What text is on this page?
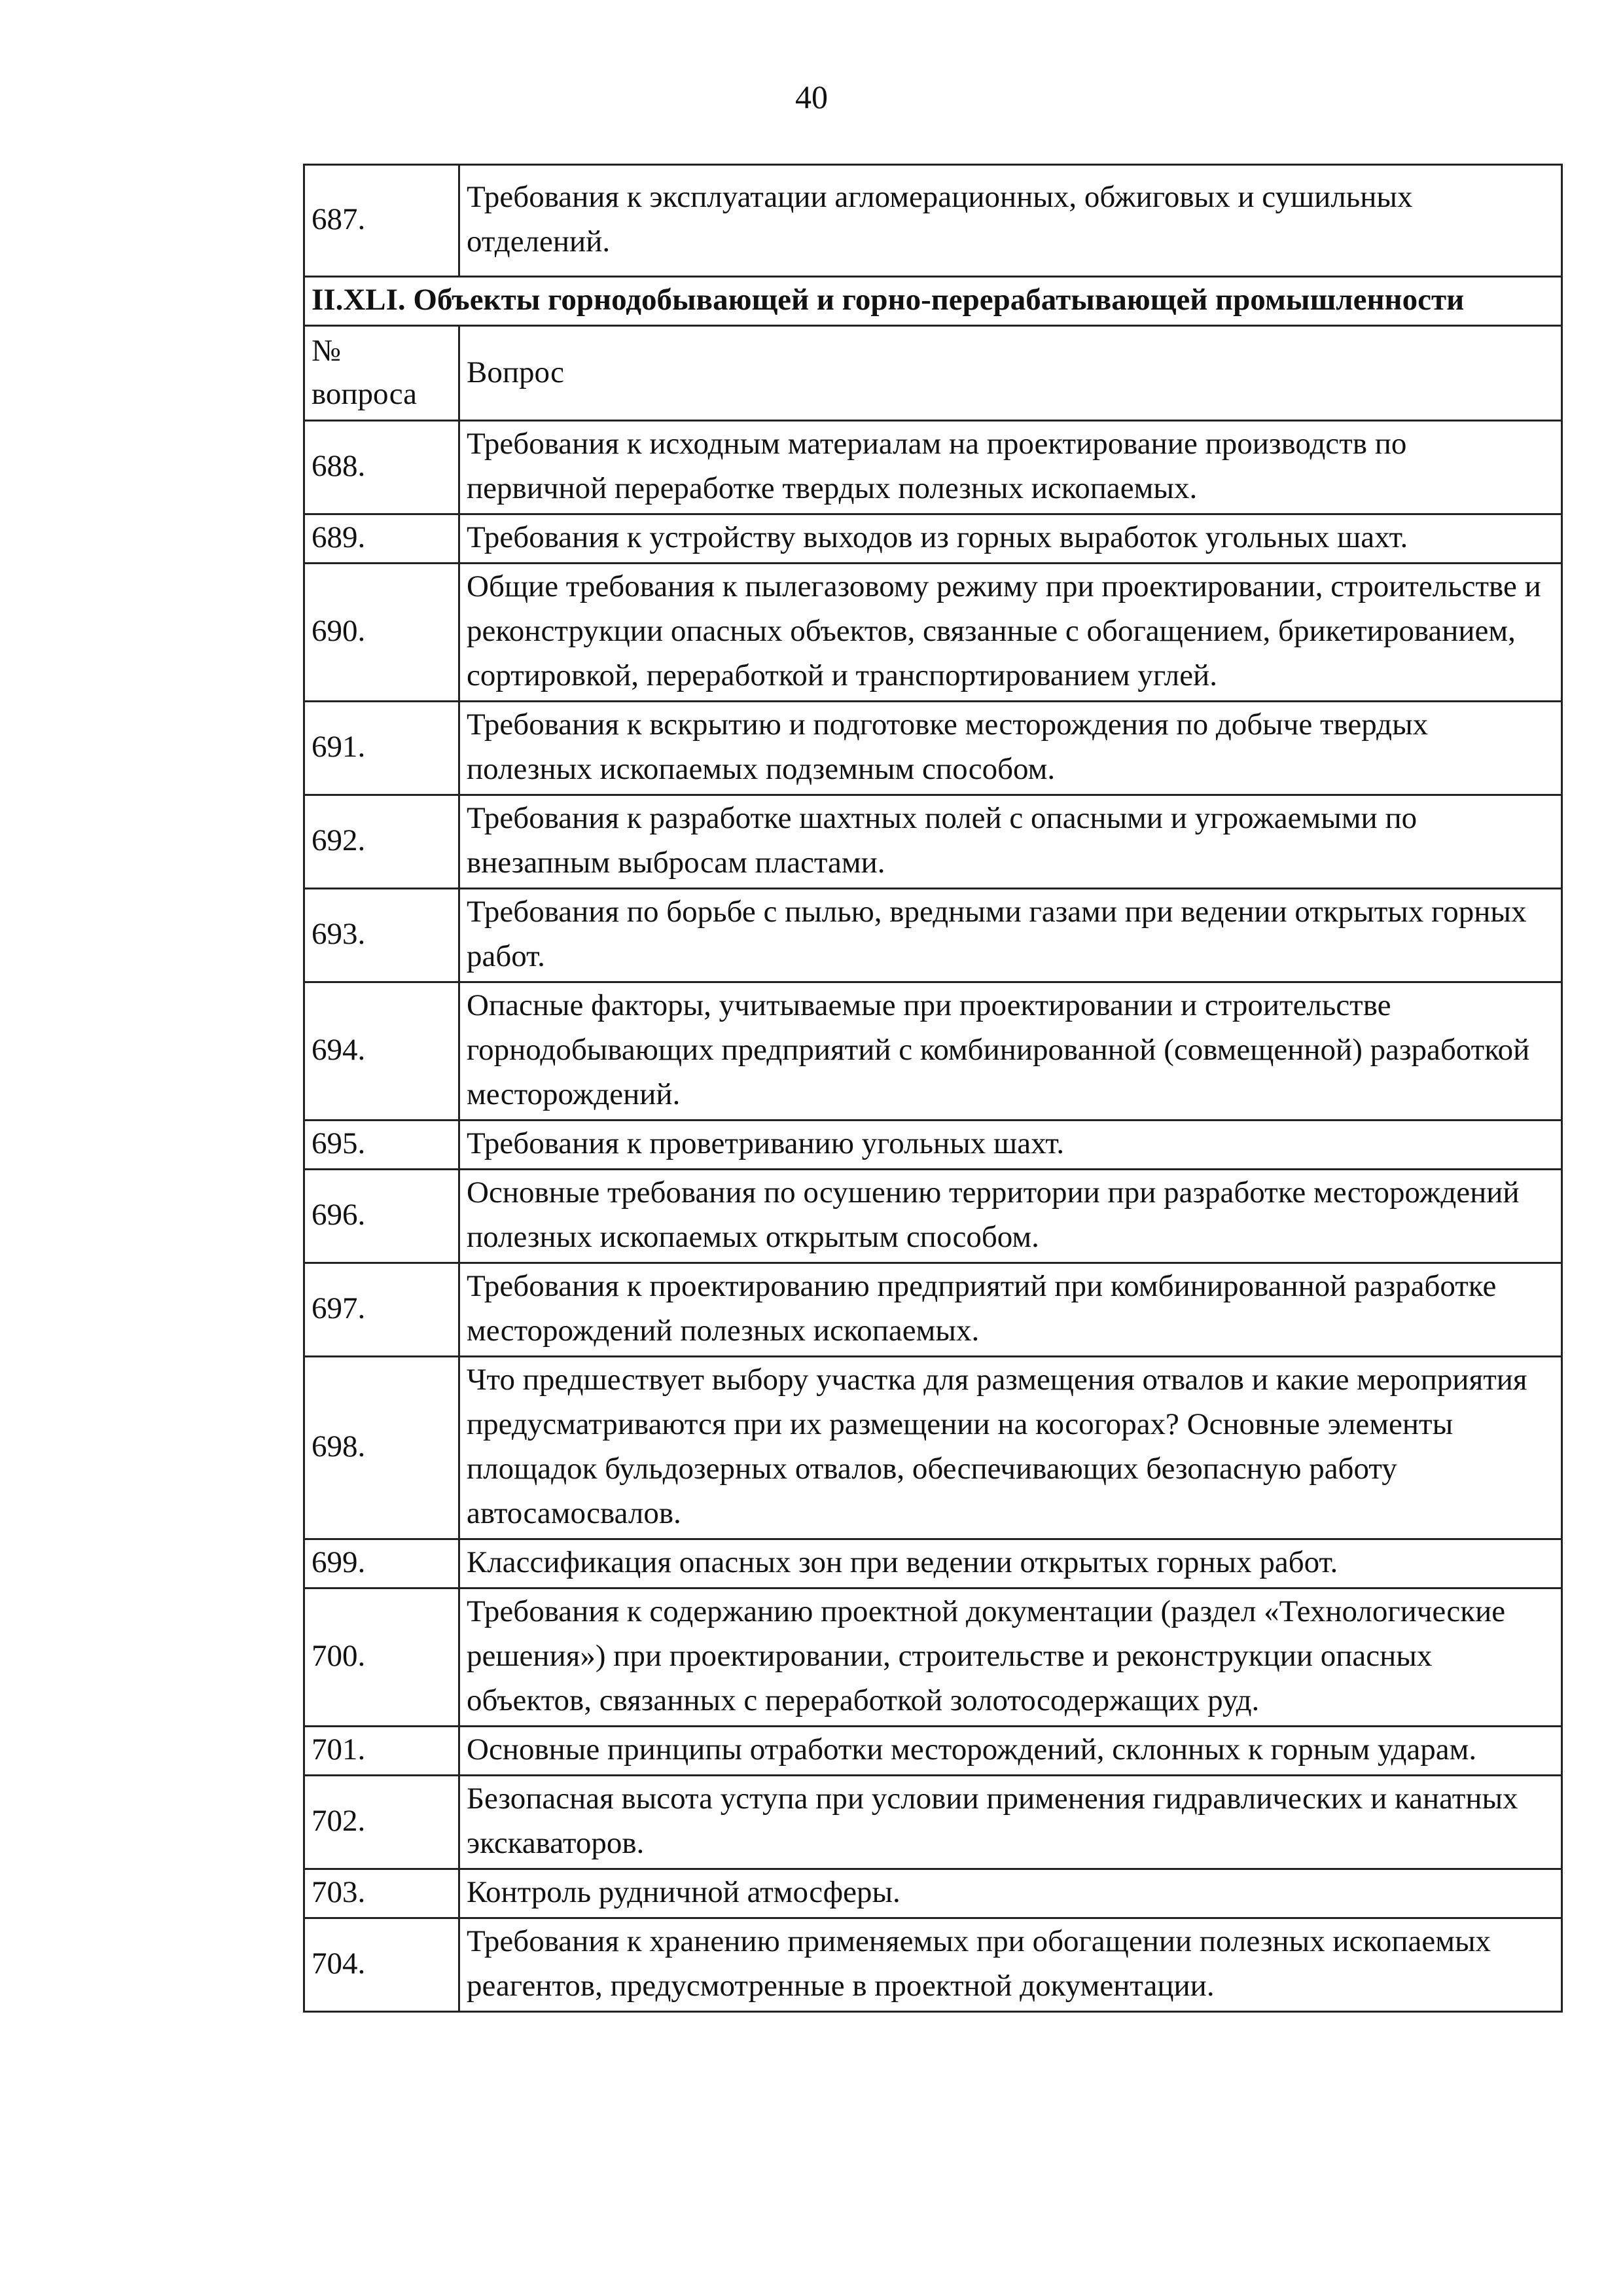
40
687.	Требования к эксплуатации агломерационных, обжиговых и сушильных отделений.
II.XLI. Объекты горнодобывающей и горно-перерабатывающей промышленности	
№ вопроса	Вопрос
688.	Требования к исходным материалам на проектирование производств по первичной переработке твердых полезных ископаемых.
689.	Требования к устройству выходов из горных выработок угольных шахт.
690.	Общие требования к пылегазовому режиму при проектировании, строительстве и реконструкции опасных объектов, связанные с обогащением, брикетированием, сортировкой, переработкой и транспортированием углей.
691.	Требования к вскрытию и подготовке месторождения по добыче твердых полезных ископаемых подземным способом.
692.	Требования к разработке шахтных полей с опасными и угрожаемыми по внезапным выбросам пластами.
693.	Требования по борьбе с пылью, вредными газами при ведении открытых горных работ.
694.	Опасные факторы, учитываемые при проектировании и строительстве горнодобывающих предприятий с комбинированной (совмещенной) разработкой месторождений.
695.	Требования к проветриванию угольных шахт.
696.	Основные требования по осушению территории при разработке месторождений полезных ископаемых открытым способом.
697.	Требования к проектированию предприятий при комбинированной разработке месторождений полезных ископаемых.
698.	Что предшествует выбору участка для размещения отвалов и какие мероприятия предусматриваются при их размещении на косогорах? Основные элементы площадок бульдозерных отвалов, обеспечивающих безопасную работу автосамосвалов.
699.	Классификация опасных зон при ведении открытых горных работ.
700.	Требования к содержанию проектной документации (раздел «Технологические решения») при проектировании, строительстве и реконструкции опасных объектов, связанных с переработкой золотосодержащих руд.
701.	Основные принципы отработки месторождений, склонных к горным ударам.
702.	Безопасная высота уступа при условии применения гидравлических и канатных экскаваторов.
703.	Контроль рудничной атмосферы.
704.	Требования к хранению применяемых при обогащении полезных ископаемых реагентов, предусмотренные в проектной документации.
